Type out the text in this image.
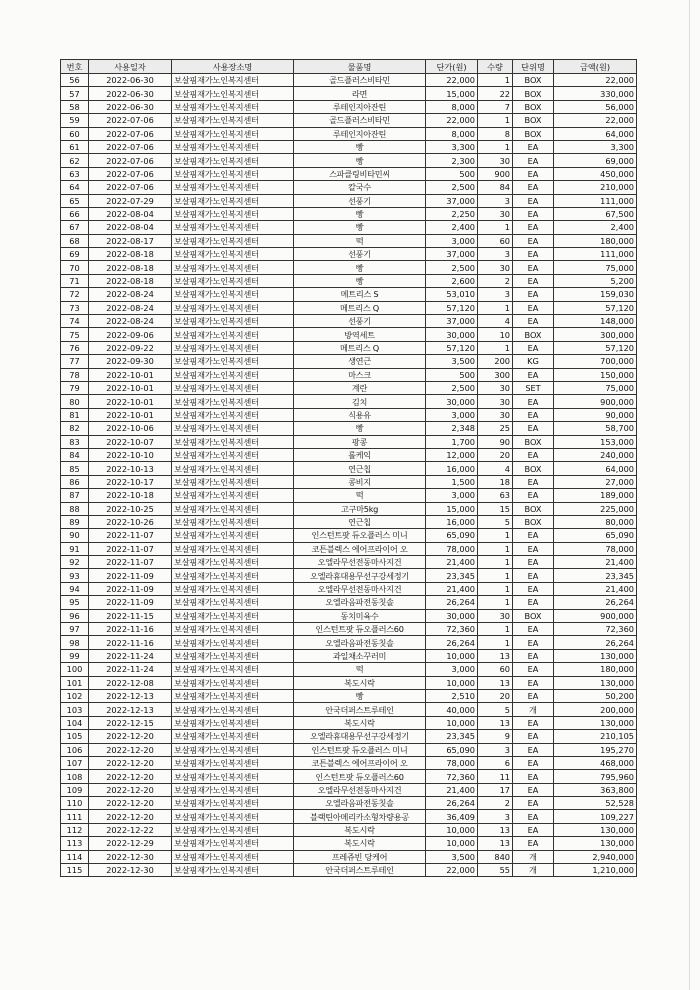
번호	사용일자	사용장소명	물품명	단가(원)	수량	단위명	금액(원)
56	2022-06-30	보살핌재가노인복지센터	골드플러스비타민	22,000	1	BOX	22,000
57	2022-06-30	보살핌재가노인복지센터	라면	15,000	22	BOX	330,000
58	2022-06-30	보살핌재가노인복지센터	루테인지아잔틴	8,000	7	BOX	56,000
59	2022-07-06	보살핌재가노인복지센터	골드플러스비타민	22,000	1	BOX	22,000
60	2022-07-06	보살핌재가노인복지센터	루테인지아잔틴	8,000	8	BOX	64,000
61	2022-07-06	보살핌재가노인복지센터	빵	3,300	1	EA	3,300
62	2022-07-06	보살핌재가노인복지센터	빵	2,300	30	EA	69,000
63	2022-07-06	보살핌재가노인복지센터	스파클링비타민씨	500	900	EA	450,000
64	2022-07-06	보살핌재가노인복지센터	칼국수	2,500	84	EA	210,000
65	2022-07-29	보살핌재가노인복지센터	선풍기	37,000	3	EA	111,000
66	2022-08-04	보살핌재가노인복지센터	빵	2,250	30	EA	67,500
67	2022-08-04	보살핌재가노인복지센터	빵	2,400	1	EA	2,400
68	2022-08-17	보살핌재가노인복지센터	떡	3,000	60	EA	180,000
69	2022-08-18	보살핌재가노인복지센터	선풍기	37,000	3	EA	111,000
70	2022-08-18	보살핌재가노인복지센터	빵	2,500	30	EA	75,000
71	2022-08-18	보살핌재가노인복지센터	빵	2,600	2	EA	5,200
72	2022-08-24	보살핌재가노인복지센터	메트리스 S	53,010	3	EA	159,030
73	2022-08-24	보살핌재가노인복지센터	메트리스 Q	57,120	1	EA	57,120
74	2022-08-24	보살핌재가노인복지센터	선풍기	37,000	4	EA	148,000
75	2022-09-06	보살핌재가노인복지센터	방역세트	30,000	10	BOX	300,000
76	2022-09-22	보살핌재가노인복지센터	메트리스 Q	57,120	1	EA	57,120
77	2022-09-30	보살핌재가노인복지센터	생연근	3,500	200	KG	700,000
78	2022-10-01	보살핌재가노인복지센터	마스크	500	300	EA	150,000
79	2022-10-01	보살핌재가노인복지센터	계란	2,500	30	SET	75,000
80	2022-10-01	보살핌재가노인복지센터	김치	30,000	30	EA	900,000
81	2022-10-01	보살핌재가노인복지센터	식용유	3,000	30	EA	90,000
82	2022-10-06	보살핌재가노인복지센터	빵	2,348	25	EA	58,700
83	2022-10-07	보살핌재가노인복지센터	팡콩	1,700	90	BOX	153,000
84	2022-10-10	보살핌재가노인복지센터	롤케익	12,000	20	EA	240,000
85	2022-10-13	보살핌재가노인복지센터	연근칩	16,000	4	BOX	64,000
86	2022-10-17	보살핌재가노인복지센터	콩비지	1,500	18	EA	27,000
87	2022-10-18	보살핌재가노인복지센터	떡	3,000	63	EA	189,000
88	2022-10-25	보살핌재가노인복지센터	고구마5kg	15,000	15	BOX	225,000
89	2022-10-26	보살핌재가노인복지센터	연근칩	16,000	5	BOX	80,000
90	2022-11-07	보살핌재가노인복지센터	인스턴트팟 듀오플러스 미니	65,090	1	EA	65,090
91	2022-11-07	보살핌재가노인복지센터	코튼블렉스 에어프라이어 오	78,000	1	EA	78,000
92	2022-11-07	보살핌재가노인복지센터	오엘라무선전동마사지건	21,400	1	EA	21,400
93	2022-11-09	보살핌재가노인복지센터	오엘라휴대용무선구강세정기	23,345	1	EA	23,345
94	2022-11-09	보살핌재가노인복지센터	오엘라무선전동마사지건	21,400	1	EA	21,400
95	2022-11-09	보살핌재가노인복지센터	오엘라음파전동칫솔	26,264	1	EA	26,264
96	2022-11-15	보살핌재가노인복지센터	동치미육수	30,000	30	BOX	900,000
97	2022-11-16	보살핌재가노인복지센터	인스턴트팟 듀오플러스60	72,360	1	EA	72,360
98	2022-11-16	보살핌재가노인복지센터	오엘라음파전동칫솔	26,264	1	EA	26,264
99	2022-11-24	보살핌재가노인복지센터	과일채소꾸러미	10,000	13	EA	130,000
100	2022-11-24	보살핌재가노인복지센터	떡	3,000	60	EA	180,000
101	2022-12-08	보살핌재가노인복지센터	복도시락	10,000	13	EA	130,000
102	2022-12-13	보살핌재가노인복지센터	빵	2,510	20	EA	50,200
103	2022-12-13	보살핌재가노인복지센터	안국더퍼스트루테인	40,000	5	개	200,000
104	2022-12-15	보살핌재가노인복지센터	복도시락	10,000	13	EA	130,000
105	2022-12-20	보살핌재가노인복지센터	오엘라휴대용무선구강세정기	23,345	9	EA	210,105
106	2022-12-20	보살핌재가노인복지센터	인스턴트팟 듀오플러스 미니	65,090	3	EA	195,270
107	2022-12-20	보살핌재가노인복지센터	코튼블렉스 에어프라이어 오	78,000	6	EA	468,000
108	2022-12-20	보살핌재가노인복지센터	인스턴트팟 듀오플러스60	72,360	11	EA	795,960
109	2022-12-20	보살핌재가노인복지센터	오엘라무선전동마사지건	21,400	17	EA	363,800
110	2022-12-20	보살핌재가노인복지센터	오엘라음파전동칫솔	26,264	2	EA	52,528
111	2022-12-20	보살핌재가노인복지센터	블랙틴아메리카소형차량용공	36,409	3	EA	109,227
112	2022-12-22	보살핌재가노인복지센터	복도시락	10,000	13	EA	130,000
113	2022-12-29	보살핌재가노인복지센터	복도시락	10,000	13	EA	130,000
114	2022-12-30	보살핌재가노인복지센터	프레쥬빈 당케어	3,500	840	개	2,940,000
115	2022-12-30	보살핌재가노인복지센터	안국더퍼스트루테인	22,000	55	개	1,210,000
